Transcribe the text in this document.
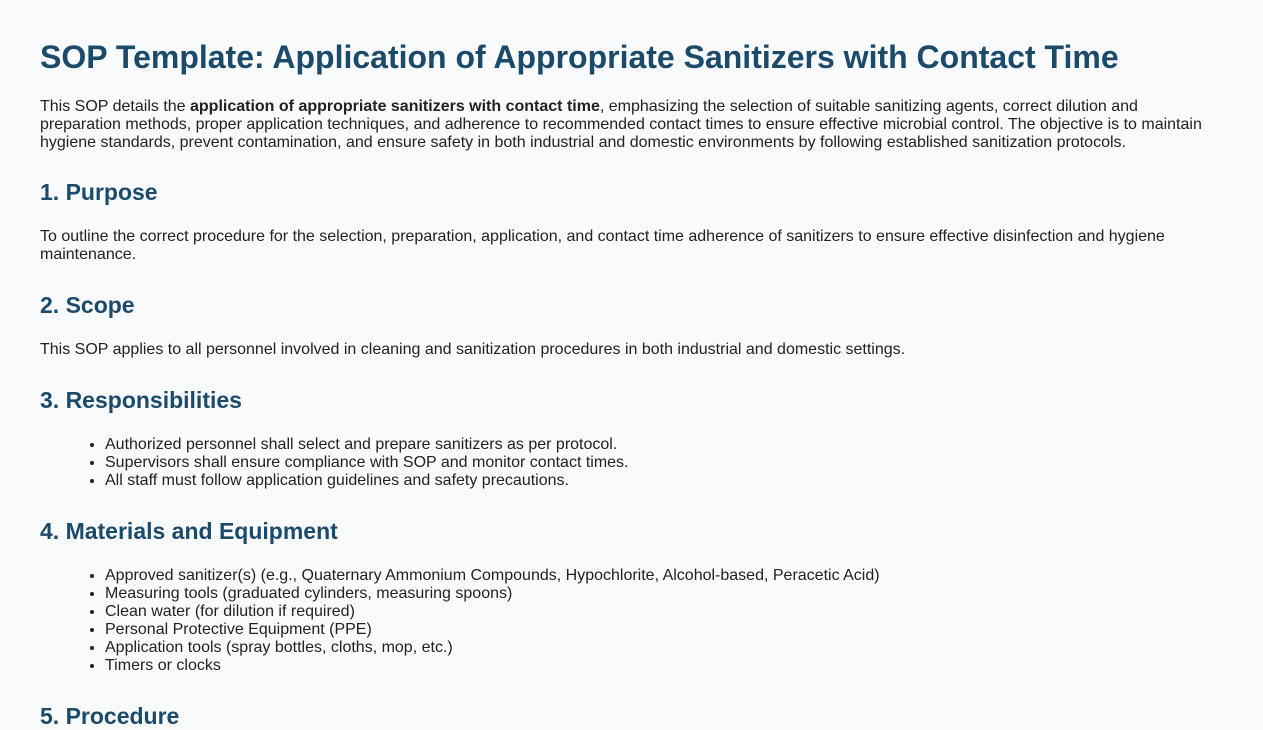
SOP Template: Application of Appropriate Sanitizers with Contact Time

This SOP details the application of appropriate sanitizers with contact time, emphasizing the selection of suitable sanitizing agents, correct dilution and preparation methods, proper application techniques, and adherence to recommended contact times to ensure effective microbial control. The objective is to maintain hygiene standards, prevent contamination, and ensure safety in both industrial and domestic environments by following established sanitization protocols.

1. Purpose

To outline the correct procedure for the selection, preparation, application, and contact time adherence of sanitizers to ensure effective disinfection and hygiene maintenance.

2. Scope

This SOP applies to all personnel involved in cleaning and sanitization procedures in both industrial and domestic settings.

3. Responsibilities
• Authorized personnel shall select and prepare sanitizers as per protocol.
• Supervisors shall ensure compliance with SOP and monitor contact times.
• All staff must follow application guidelines and safety precautions.
4. Materials and Equipment
• Approved sanitizer(s) (e.g., Quaternary Ammonium Compounds, Hypochlorite, Alcohol-based, Peracetic Acid)
• Measuring tools (graduated cylinders, measuring spoons)
• Clean water (for dilution if required)
• Personal Protective Equipment (PPE)
• Application tools (spray bottles, cloths, mop, etc.)
• Timers or clocks
5. Procedure
